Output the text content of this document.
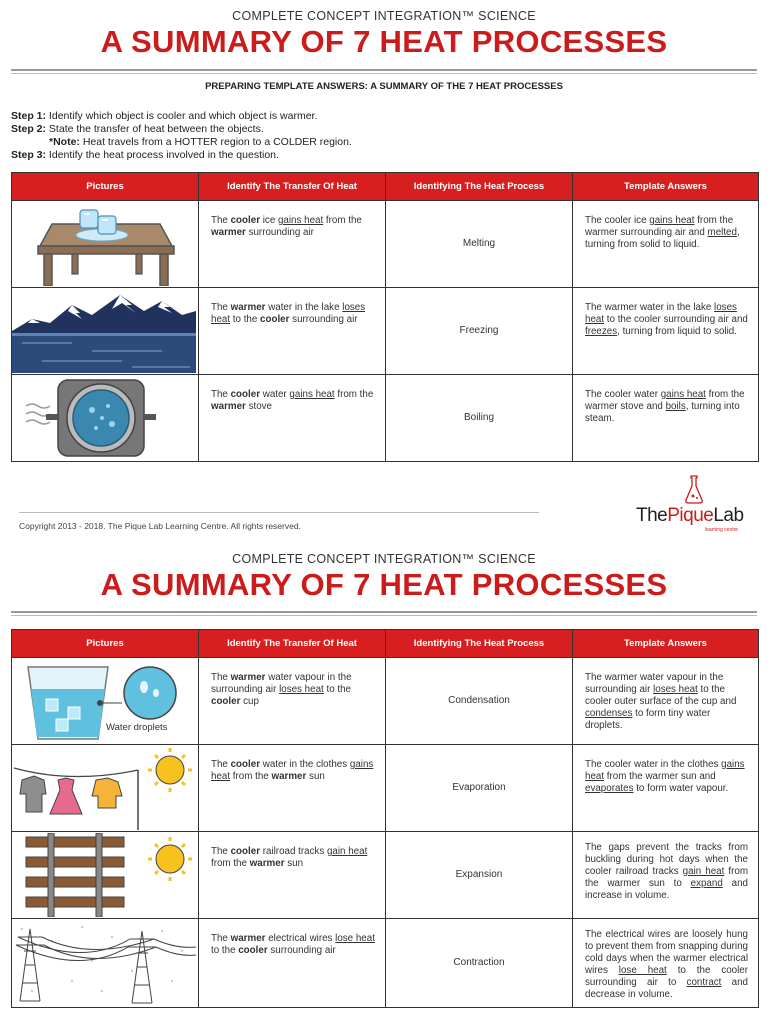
COMPLETE CONCEPT INTEGRATION™ SCIENCE
A SUMMARY OF 7 HEAT PROCESSES
PREPARING TEMPLATE ANSWERS: A SUMMARY OF THE 7 HEAT PROCESSES
Step 1: Identify which object is cooler and which object is warmer.
Step 2: State the transfer of heat between the objects.
*Note: Heat travels from a HOTTER region to a COLDER region.
Step 3: Identify the heat process involved in the question.
Pictures	Identify The Transfer Of Heat	Identifying The Heat Process	Template Answers

	The cooler ice gains heat from the warmer surrounding air	Melting	The cooler ice gains heat from the warmer surrounding air and melted, turning from solid to liquid.

	The warmer water in the lake loses heat to the cooler surrounding air	Freezing	The warmer water in the lake loses heat to the cooler surrounding air and freezes, turning from liquid to solid.

	The cooler water gains heat from the warmer stove	Boiling	The cooler water gains heat from the warmer stove and boils, turning into steam.
Copyright 2013 - 2018. The Pique Lab Learning Centre. All rights reserved.	ThePiqueLab
learning centre
COMPLETE CONCEPT INTEGRATION™ SCIENCE
A SUMMARY OF 7 HEAT PROCESSES
Pictures	Identify The Transfer Of Heat	Identifying The Heat Process	Template Answers

Water droplets	The warmer water vapour in the surrounding air loses heat to the cooler cup	Condensation	The warmer water vapour in the surrounding air loses heat to the cooler outer surface of the cup and condenses to form tiny water droplets.

	The cooler water in the clothes gains heat from the warmer sun	Evaporation	The cooler water in the clothes gains heat from the warmer sun and evaporates to form water vapour.

	The cooler railroad tracks gain heat from the warmer sun	Expansion	The gaps prevent the tracks from buckling during hot days when the cooler railroad tracks gain heat from the warmer sun to expand and increase in volume.

	The warmer electrical wires lose heat to the cooler surrounding air	Contraction	The electrical wires are loosely hung to prevent them from snapping during cold days when the warmer electrical wires lose heat to the cooler surrounding air to contract and decrease in volume.
